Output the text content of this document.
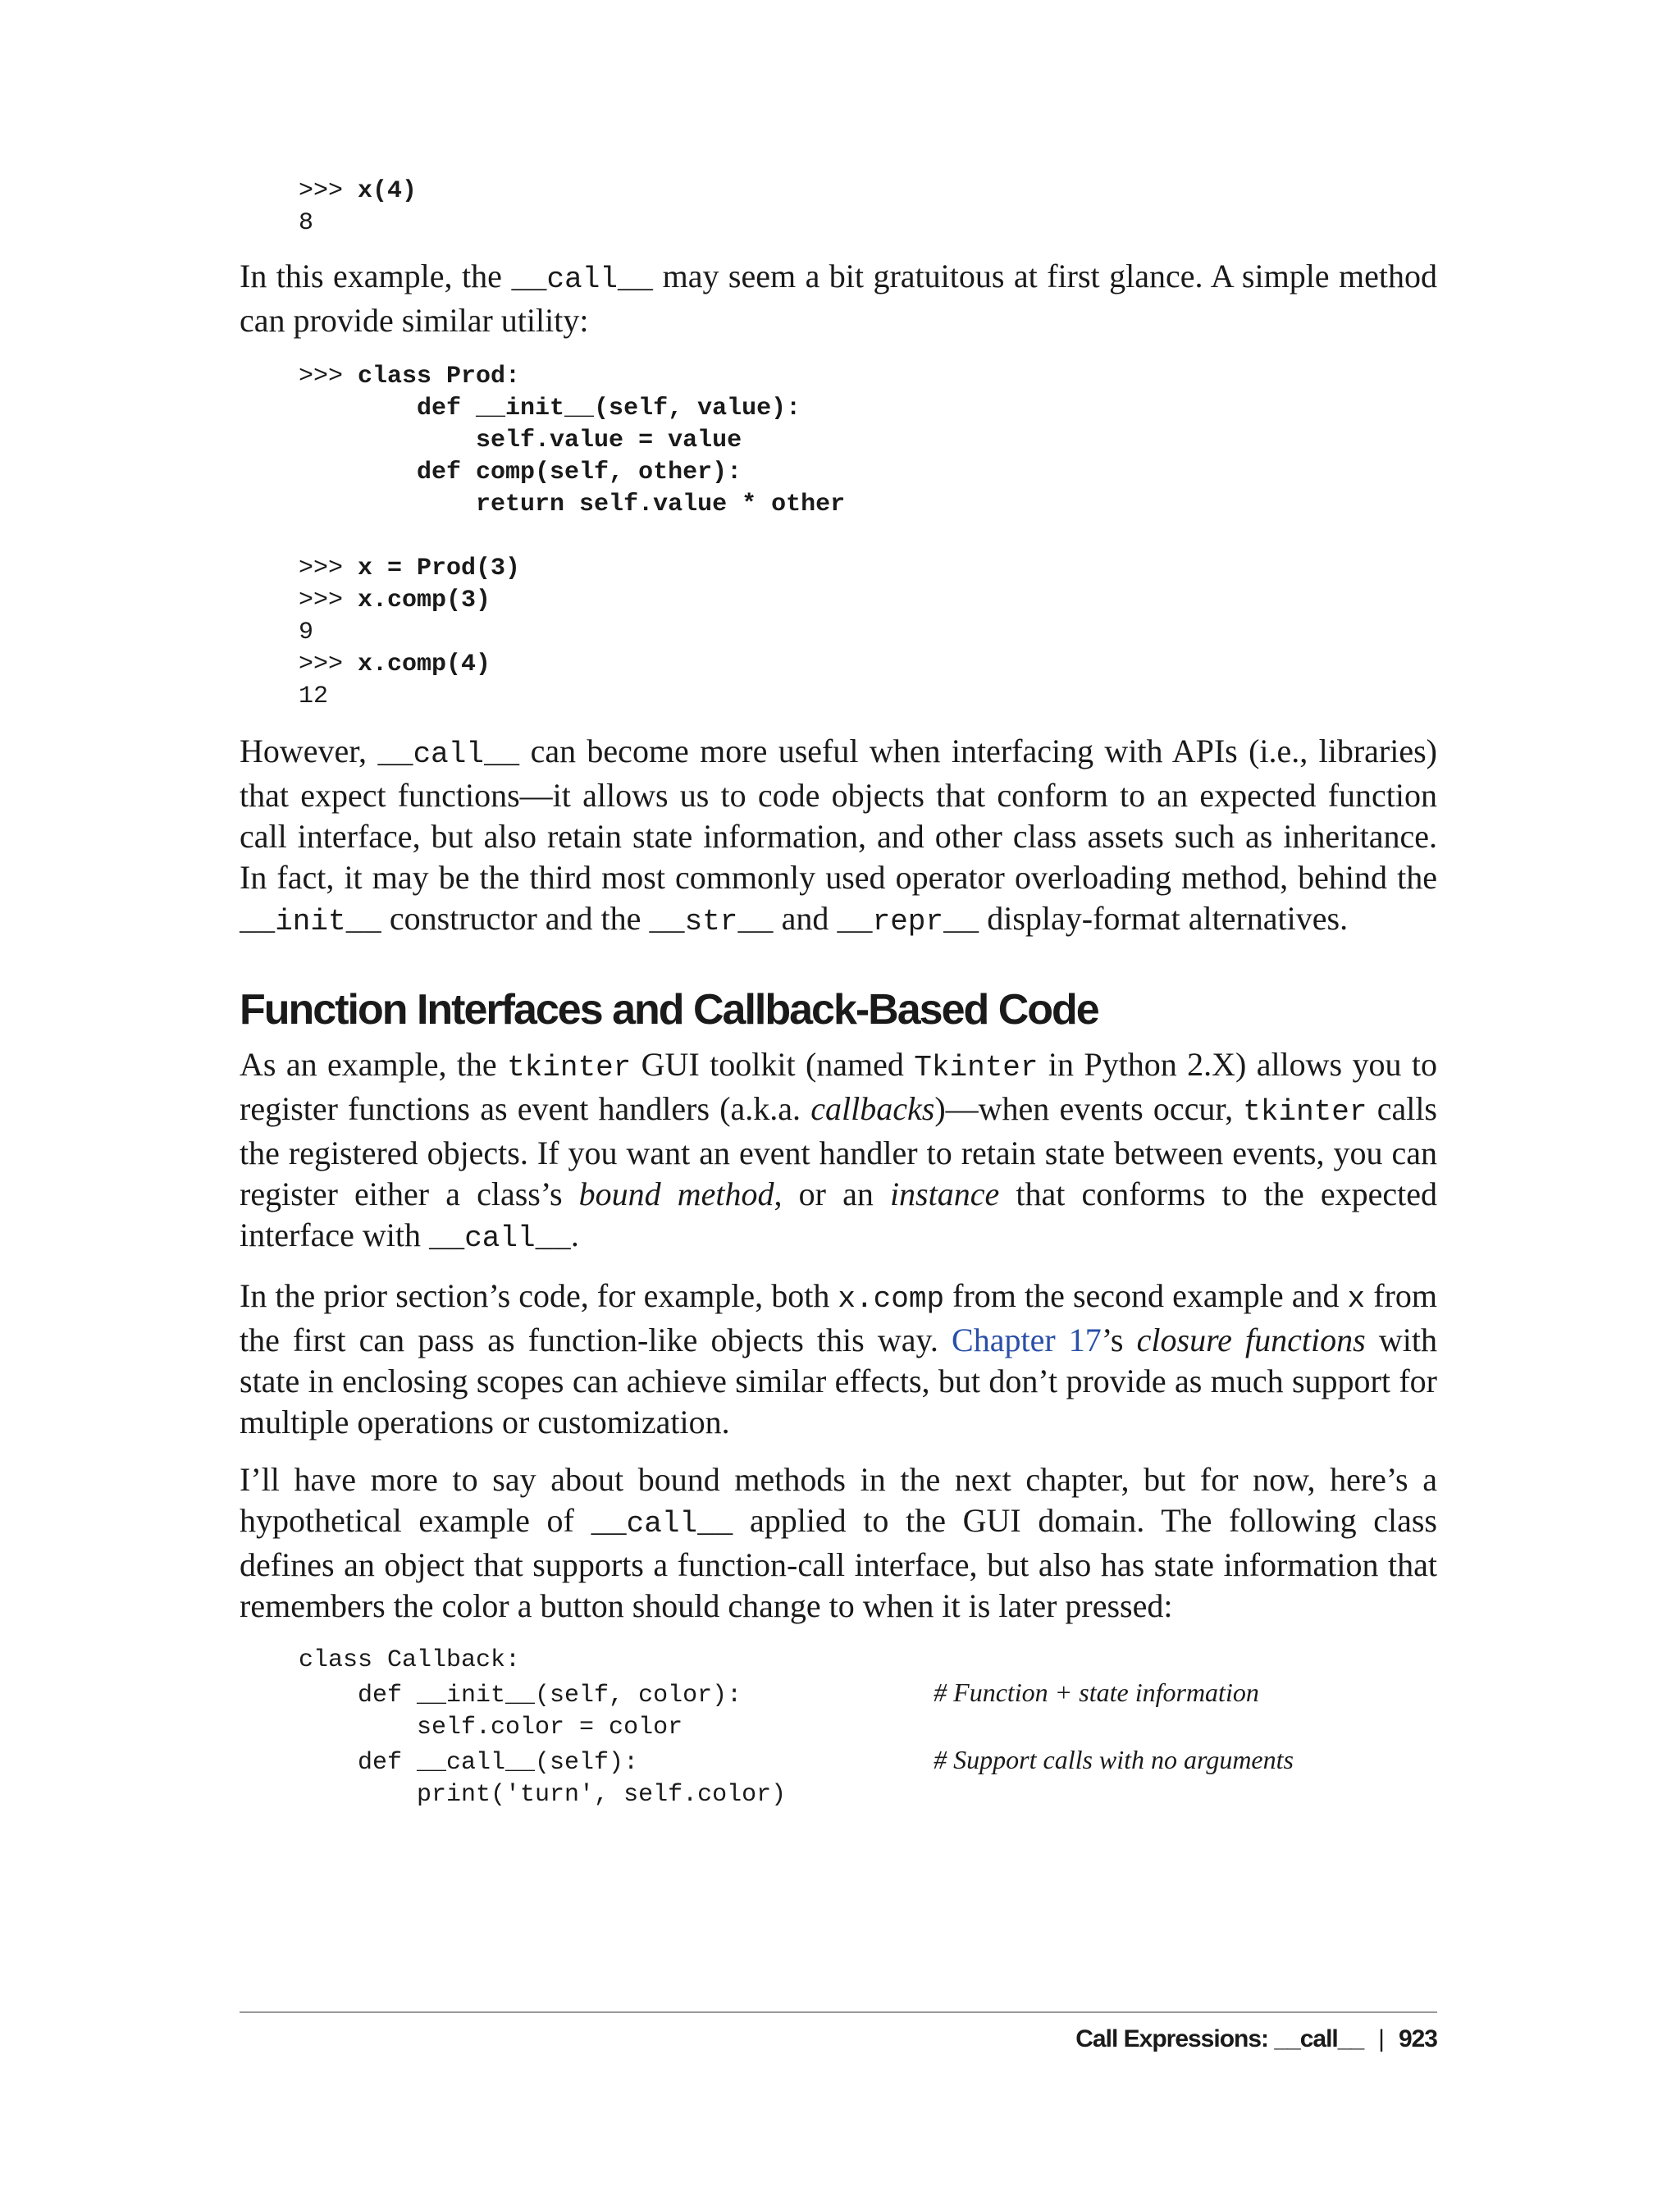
>>> x(4)
8

In this example, the __call__ may seem a bit gratuitous at first glance. A simple method can provide similar utility:

>>> class Prod:
def __init__(self, value):
self.value = value
def comp(self, other):
return self.value * other
>>> x = Prod(3)
>>> x.comp(3)
9
>>> x.comp(4)
12

However, __call__ can become more useful when interfacing with APIs (i.e., libraries) that expect functions—it allows us to code objects that conform to an expected function call interface, but also retain state information, and other class assets such as inheritance. In fact, it may be the third most commonly used operator overloading method, behind the __init__ constructor and the __str__ and __repr__ display-format alternatives.

Function Interfaces and Callback-Based Code

As an example, the tkinter GUI toolkit (named Tkinter in Python 2.X) allows you to register functions as event handlers (a.k.a. callbacks)—when events occur, tkinter calls the registered objects. If you want an event handler to retain state between events, you can register either a class’s bound method, or an instance that conforms to the expected interface with __call__.

In the prior section’s code, for example, both x.comp from the second example and x from the first can pass as function-like objects this way. Chapter 17’s closure functions with state in enclosing scopes can achieve similar effects, but don’t provide as much support for multiple operations or customization.

I’ll have more to say about bound methods in the next chapter, but for now, here’s a hypothetical example of __call__ applied to the GUI domain. The following class defines an object that supports a function-call interface, but also has state information that remembers the color a button should change to when it is later pressed:

class Callback:
def __init__(self, color):             # Function + state information
self.color = color
def __call__(self):                    # Support calls with no arguments
print('turn', self.color)
Call Expressions: __call__ | 923
